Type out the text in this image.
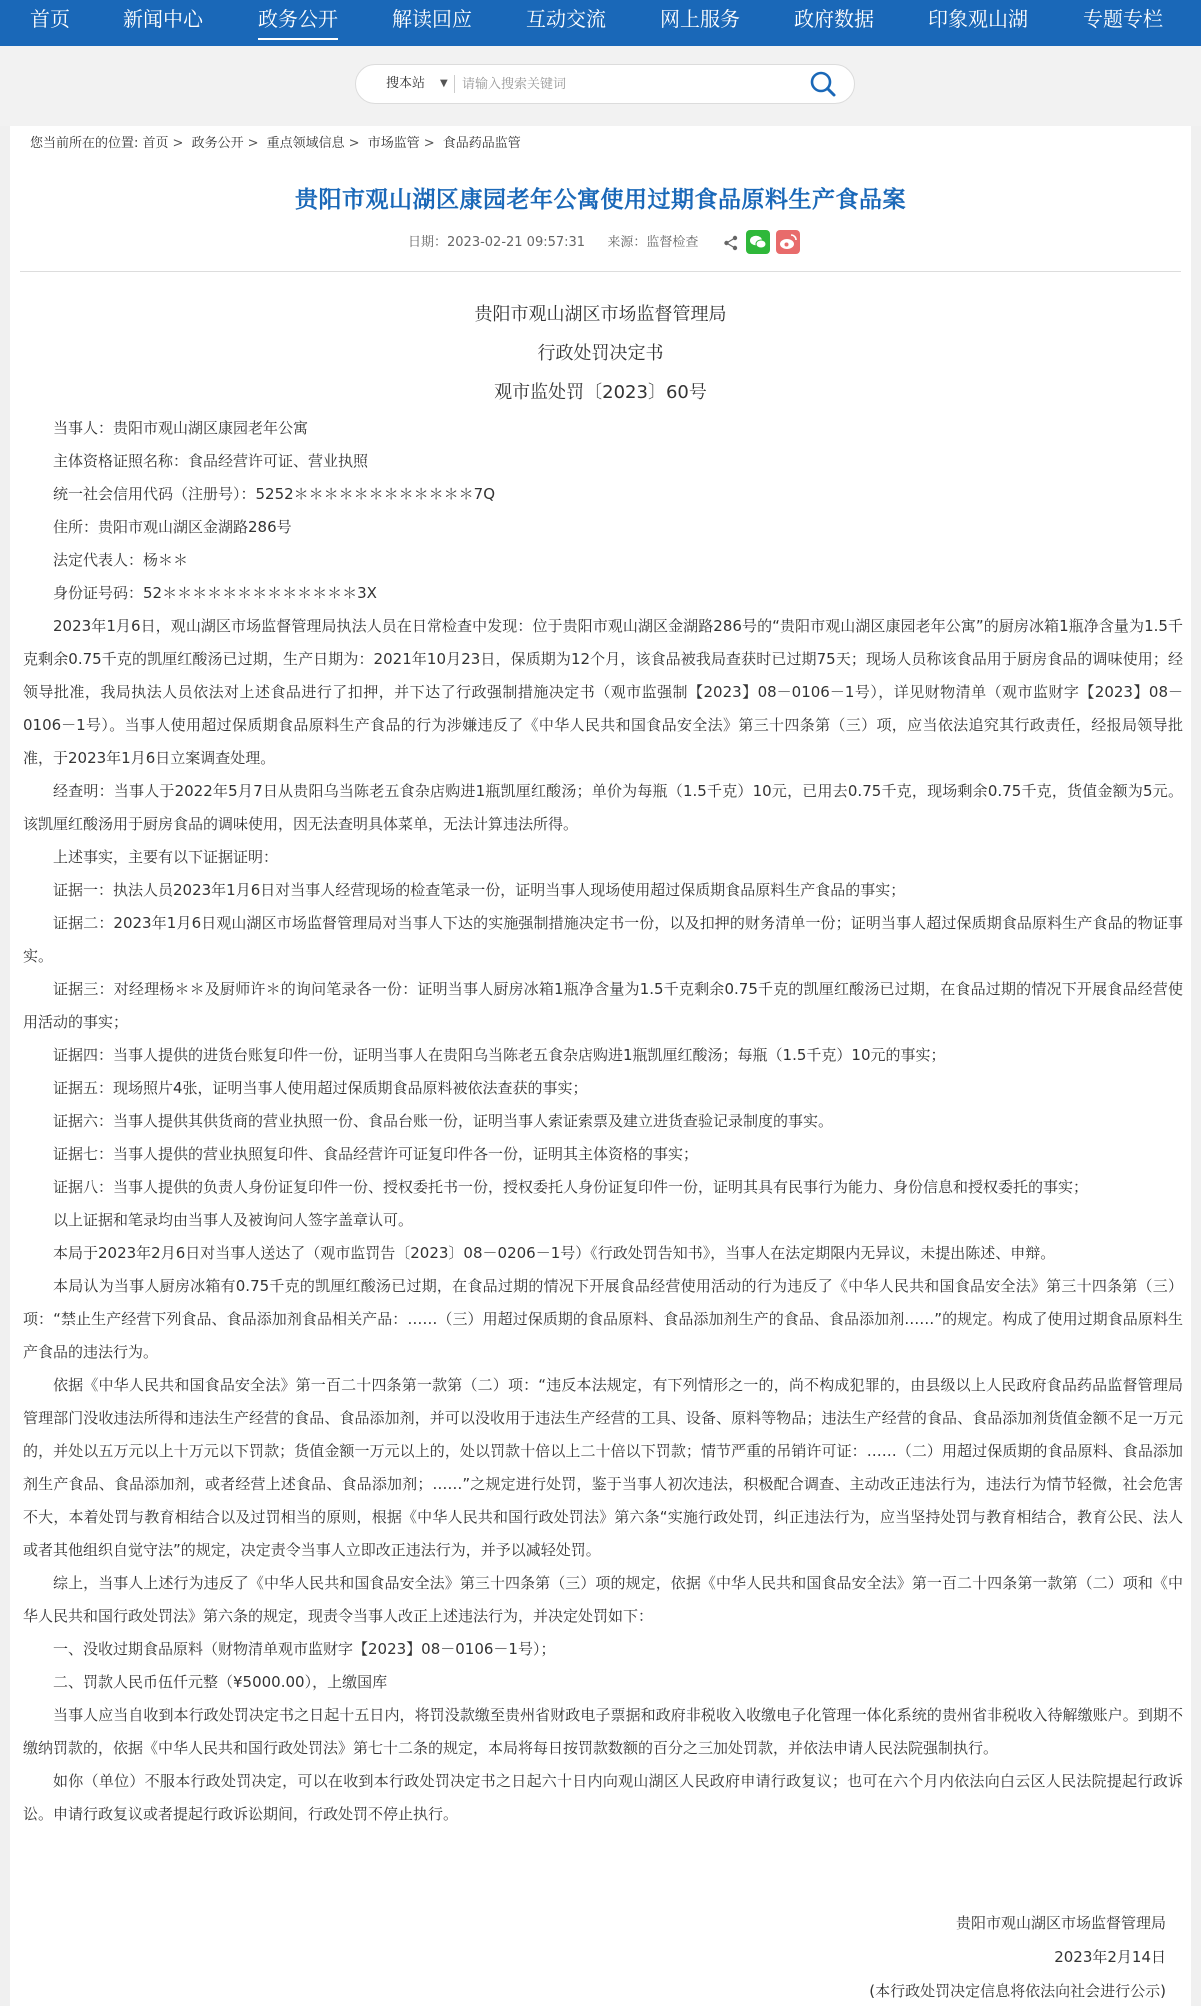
首页	新闻中心	政务公开	解读回应	互动交流	网上服务	政府数据	印象观山湖	专题专栏
搜本站 ▼
请输入搜索关键词
您当前所在的位置: 首页 > 政务公开 > 重点领域信息 > 市场监管 > 食品药品监管
贵阳市观山湖区康园老年公寓使用过期食品原料生产食品案
日期：2023-02-21 09:57:31 来源：监督检查
贵阳市观山湖区市场监督管理局
行政处罚决定书
观市监处罚〔2023〕60号

当事人：贵阳市观山湖区康园老年公寓

主体资格证照名称：食品经营许可证、营业执照

统一社会信用代码（注册号）：5252＊＊＊＊＊＊＊＊＊＊＊＊7Q

住所：贵阳市观山湖区金湖路286号

法定代表人：杨＊＊

身份证号码：52＊＊＊＊＊＊＊＊＊＊＊＊＊3X

2023年1月6日，观山湖区市场监督管理局执法人员在日常检查中发现：位于贵阳市观山湖区金湖路286号的“贵阳市观山湖区康园老年公寓”的厨房冰箱1瓶净含量为1.5千克剩余0.75千克的凯厘红酸汤已过期，生产日期为：2021年10月23日，保质期为12个月，该食品被我局查获时已过期75天；现场人员称该食品用于厨房食品的调味使用；经领导批准，我局执法人员依法对上述食品进行了扣押，并下达了行政强制措施决定书（观市监强制【2023】08－0106－1号），详见财物清单（观市监财字【2023】08－0106－1号）。当事人使用超过保质期食品原料生产食品的行为涉嫌违反了《中华人民共和国食品安全法》第三十四条第（三）项，应当依法追究其行政责任，经报局领导批准，于2023年1月6日立案调查处理。

经查明：当事人于2022年5月7日从贵阳乌当陈老五食杂店购进1瓶凯厘红酸汤；单价为每瓶（1.5千克）10元，已用去0.75千克，现场剩余0.75千克，货值金额为5元。该凯厘红酸汤用于厨房食品的调味使用，因无法查明具体菜单，无法计算违法所得。

上述事实，主要有以下证据证明：

证据一：执法人员2023年1月6日对当事人经营现场的检查笔录一份，证明当事人现场使用超过保质期食品原料生产食品的事实；

证据二：2023年1月6日观山湖区市场监督管理局对当事人下达的实施强制措施决定书一份，以及扣押的财务清单一份；证明当事人超过保质期食品原料生产食品的物证事实。

证据三：对经理杨＊＊及厨师许＊的询问笔录各一份：证明当事人厨房冰箱1瓶净含量为1.5千克剩余0.75千克的凯厘红酸汤已过期，在食品过期的情况下开展食品经营使用活动的事实；

证据四：当事人提供的进货台账复印件一份，证明当事人在贵阳乌当陈老五食杂店购进1瓶凯厘红酸汤；每瓶（1.5千克）10元的事实；

证据五：现场照片4张，证明当事人使用超过保质期食品原料被依法查获的事实；

证据六：当事人提供其供货商的营业执照一份、食品台账一份，证明当事人索证索票及建立进货查验记录制度的事实。

证据七：当事人提供的营业执照复印件、食品经营许可证复印件各一份，证明其主体资格的事实；

证据八：当事人提供的负责人身份证复印件一份、授权委托书一份，授权委托人身份证复印件一份，证明其具有民事行为能力、身份信息和授权委托的事实；

以上证据和笔录均由当事人及被询问人签字盖章认可。

本局于2023年2月6日对当事人送达了（观市监罚告〔2023〕08－0206－1号）《行政处罚告知书》，当事人在法定期限内无异议，未提出陈述、申辩。

本局认为当事人厨房冰箱有0.75千克的凯厘红酸汤已过期，在食品过期的情况下开展食品经营使用活动的行为违反了《中华人民共和国食品安全法》第三十四条第（三）项：“禁止生产经营下列食品、食品添加剂食品相关产品：……（三）用超过保质期的食品原料、食品添加剂生产的食品、食品添加剂……”的规定。构成了使用过期食品原料生产食品的违法行为。

依据《中华人民共和国食品安全法》第一百二十四条第一款第（二）项：“违反本法规定，有下列情形之一的，尚不构成犯罪的，由县级以上人民政府食品药品监督管理局管理部门没收违法所得和违法生产经营的食品、食品添加剂，并可以没收用于违法生产经营的工具、设备、原料等物品；违法生产经营的食品、食品添加剂货值金额不足一万元的，并处以五万元以上十万元以下罚款；货值金额一万元以上的，处以罚款十倍以上二十倍以下罚款；情节严重的吊销许可证：……（二）用超过保质期的食品原料、食品添加剂生产食品、食品添加剂，或者经营上述食品、食品添加剂；……”之规定进行处罚，鉴于当事人初次违法，积极配合调查、主动改正违法行为，违法行为情节轻微，社会危害不大，本着处罚与教育相结合以及过罚相当的原则，根据《中华人民共和国行政处罚法》第六条“实施行政处罚，纠正违法行为，应当坚持处罚与教育相结合，教育公民、法人或者其他组织自觉守法”的规定，决定责令当事人立即改正违法行为，并予以减轻处罚。

综上，当事人上述行为违反了《中华人民共和国食品安全法》第三十四条第（三）项的规定，依据《中华人民共和国食品安全法》第一百二十四条第一款第（二）项和《中华人民共和国行政处罚法》第六条的规定，现责令当事人改正上述违法行为，并决定处罚如下：

一、没收过期食品原料（财物清单观市监财字【2023】08－0106－1号）；

二、罚款人民币伍仟元整（¥5000.00），上缴国库

当事人应当自收到本行政处罚决定书之日起十五日内，将罚没款缴至贵州省财政电子票据和政府非税收入收缴电子化管理一体化系统的贵州省非税收入待解缴账户。到期不缴纳罚款的，依据《中华人民共和国行政处罚法》第七十二条的规定，本局将每日按罚款数额的百分之三加处罚款，并依法申请人民法院强制执行。

如你（单位）不服本行政处罚决定，可以在收到本行政处罚决定书之日起六十日内向观山湖区人民政府申请行政复议；也可在六个月内依法向白云区人民法院提起行政诉讼。申请行政复议或者提起行政诉讼期间，行政处罚不停止执行。

贵阳市观山湖区市场监督管理局
2023年2月14日
(本行政处罚决定信息将依法向社会进行公示)
